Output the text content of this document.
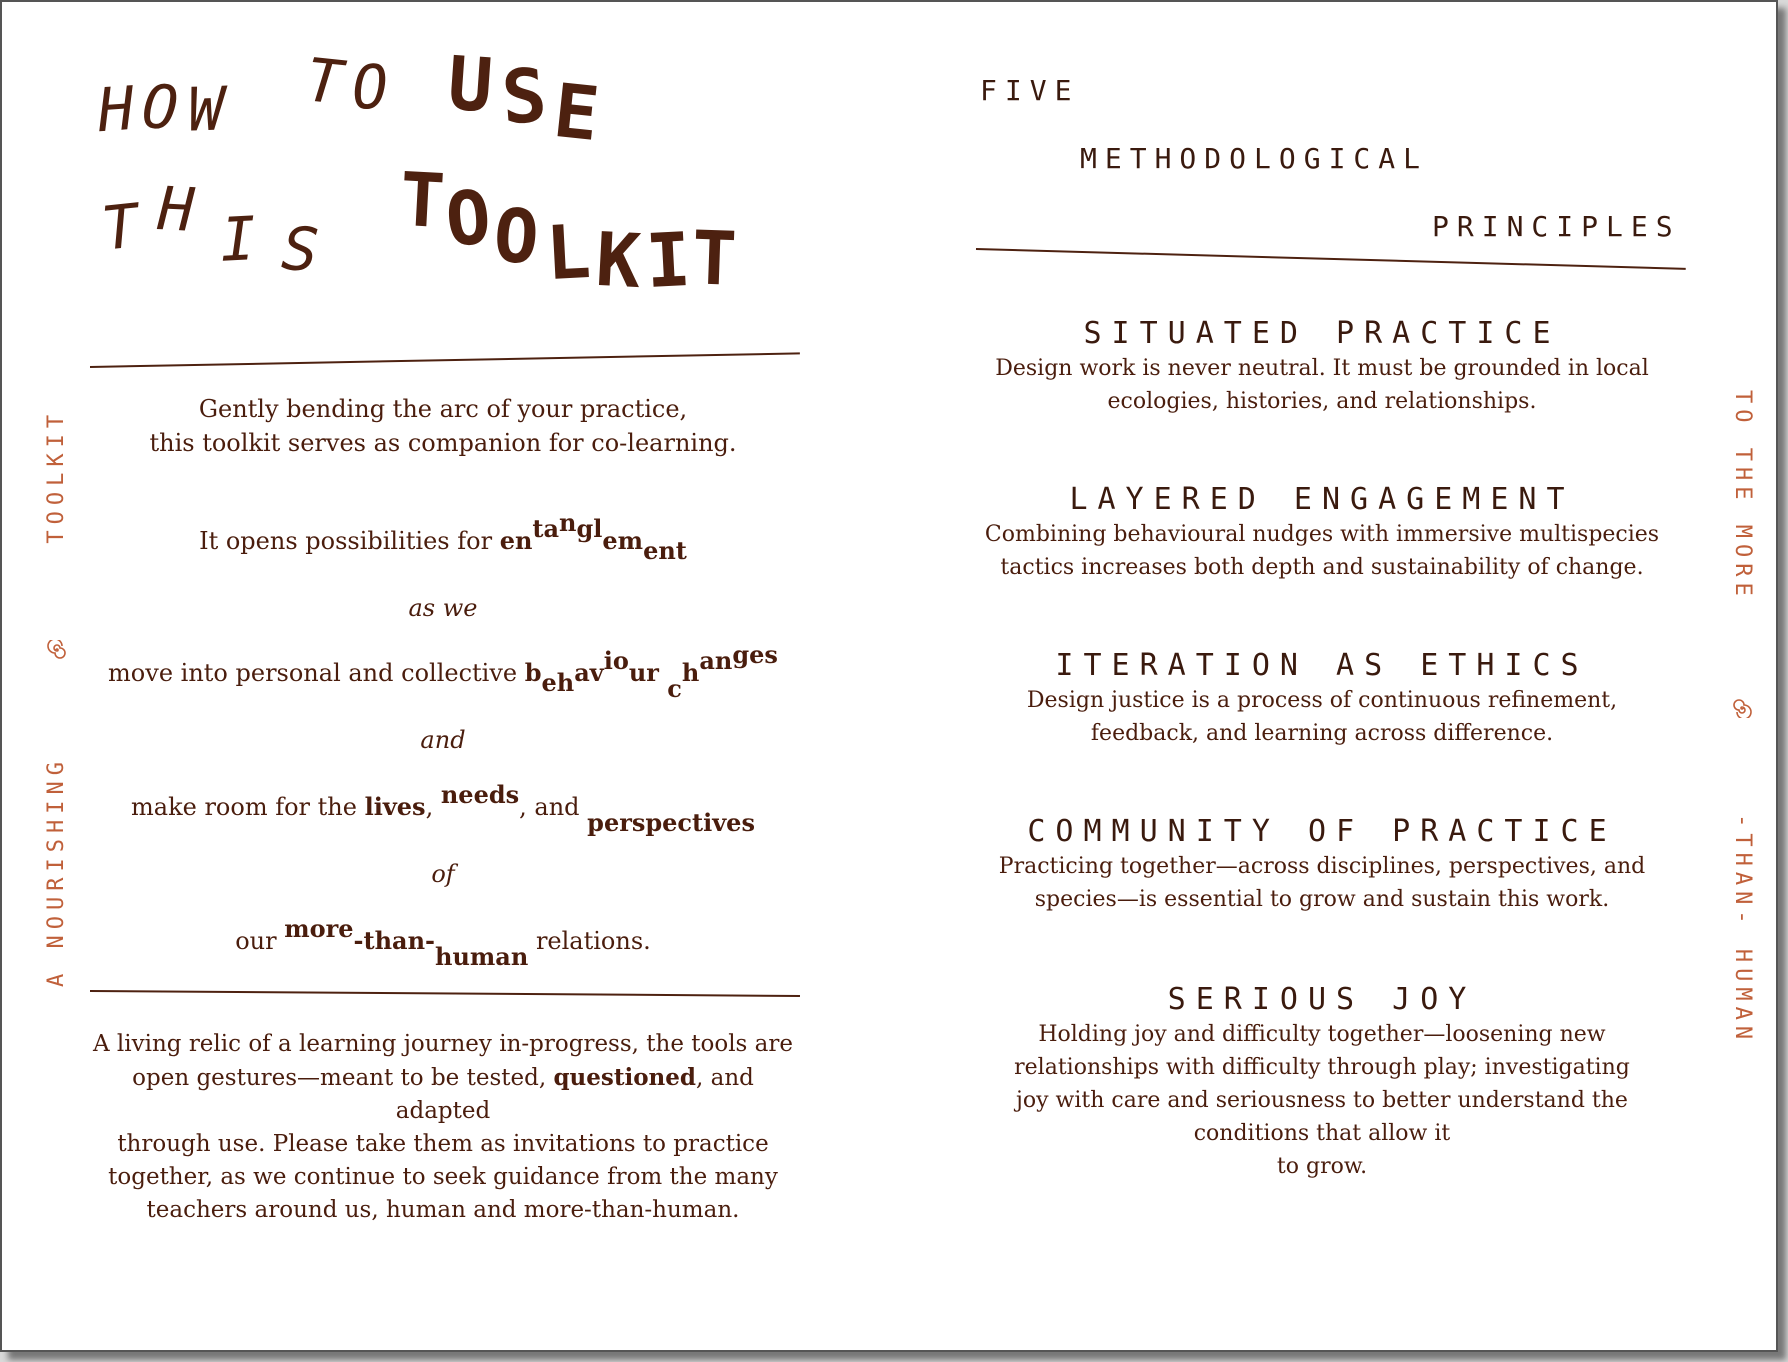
H O W T O U S E
T H I S
T
O
O L K I
T
Gently bending the arc of your practice,
this toolkit serves as companion for co-learning.
It opens possibilities for entanglement
as we
move into personal and collective behaviour changes
and
make room for the lives, needs, and perspectives
of
our more-than-human relations.
A living relic of a learning journey in-progress, the tools are
open gestures—meant to be tested, questioned, and adapted
through use. Please take them as invitations to practice
together, as we continue to seek guidance from the many
teachers around us, human and more-than-human.
A NOURISHING          TOOLKIT
FIVE
METHODOLOGICAL
PRINCIPLES
SITUATED PRACTICE
Design work is never neutral. It must be grounded in local
ecologies, histories, and relationships.
LAYERED ENGAGEMENT
Combining behavioural nudges with immersive multispecies
tactics increases both depth and sustainability of change.
ITERATION AS ETHICS
Design justice is a process of continuous refinement,
feedback, and learning across difference.
COMMUNITY OF PRACTICE
Practicing together—across disciplines, perspectives, and
species—is essential to grow and sustain this work.
SERIOUS JOY
Holding joy and difficulty together—loosening new
relationships with difficulty through play; investigating
joy with care and seriousness to better understand the
conditions that allow it
to grow.
TO THE MORE          -THAN- HUMAN
